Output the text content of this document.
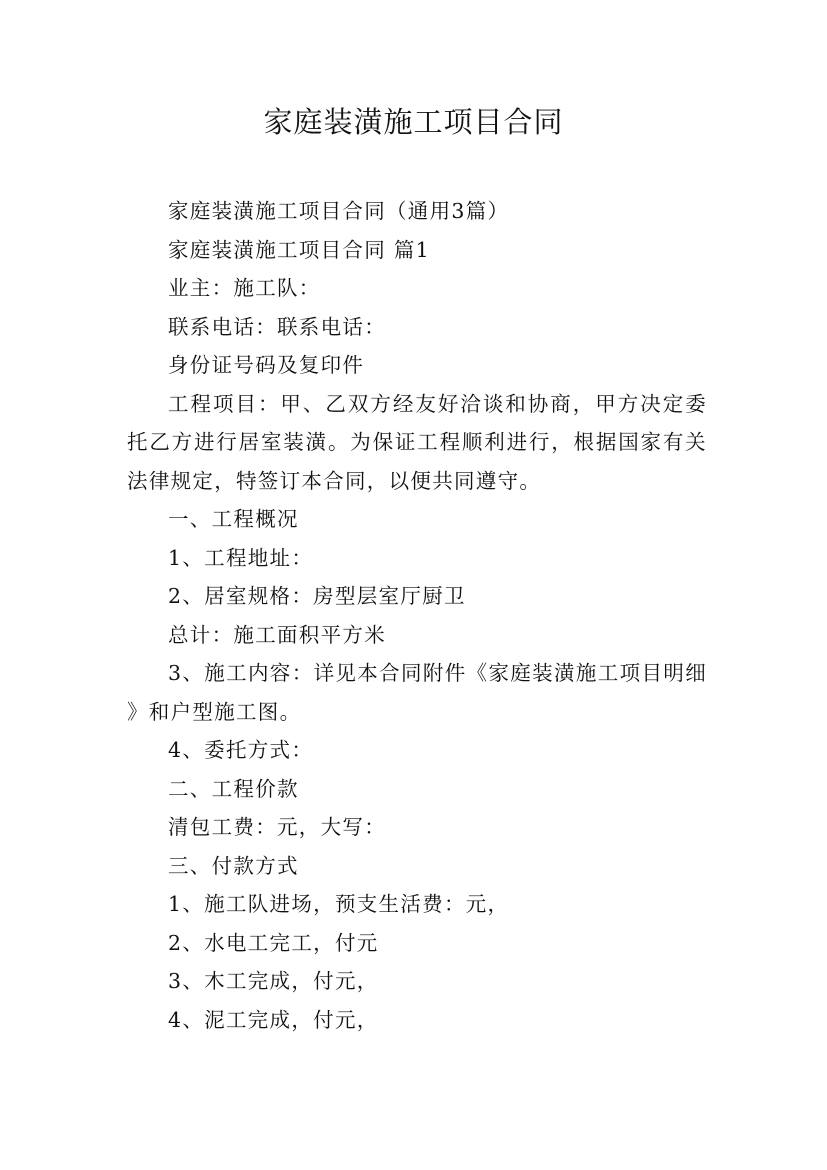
家庭装潢施工项目合同

家庭装潢施工项目合同（通用3篇）

家庭装潢施工项目合同 篇1

业主：施工队：

联系电话：联系电话：

身份证号码及复印件

工程项目：甲、乙双方经友好洽谈和协商，甲方决定委托乙方进行居室装潢。为保证工程顺利进行，根据国家有关法律规定，特签订本合同，以便共同遵守。

一、工程概况

1、工程地址：

2、居室规格：房型层室厅厨卫

总计：施工面积平方米

3、施工内容：详见本合同附件《家庭装潢施工项目明细》和户型施工图。

4、委托方式：

二、工程价款

清包工费：元，大写：

三、付款方式

1、施工队进场，预支生活费：元，

2、水电工完工，付元

3、木工完成，付元，

4、泥工完成，付元，
